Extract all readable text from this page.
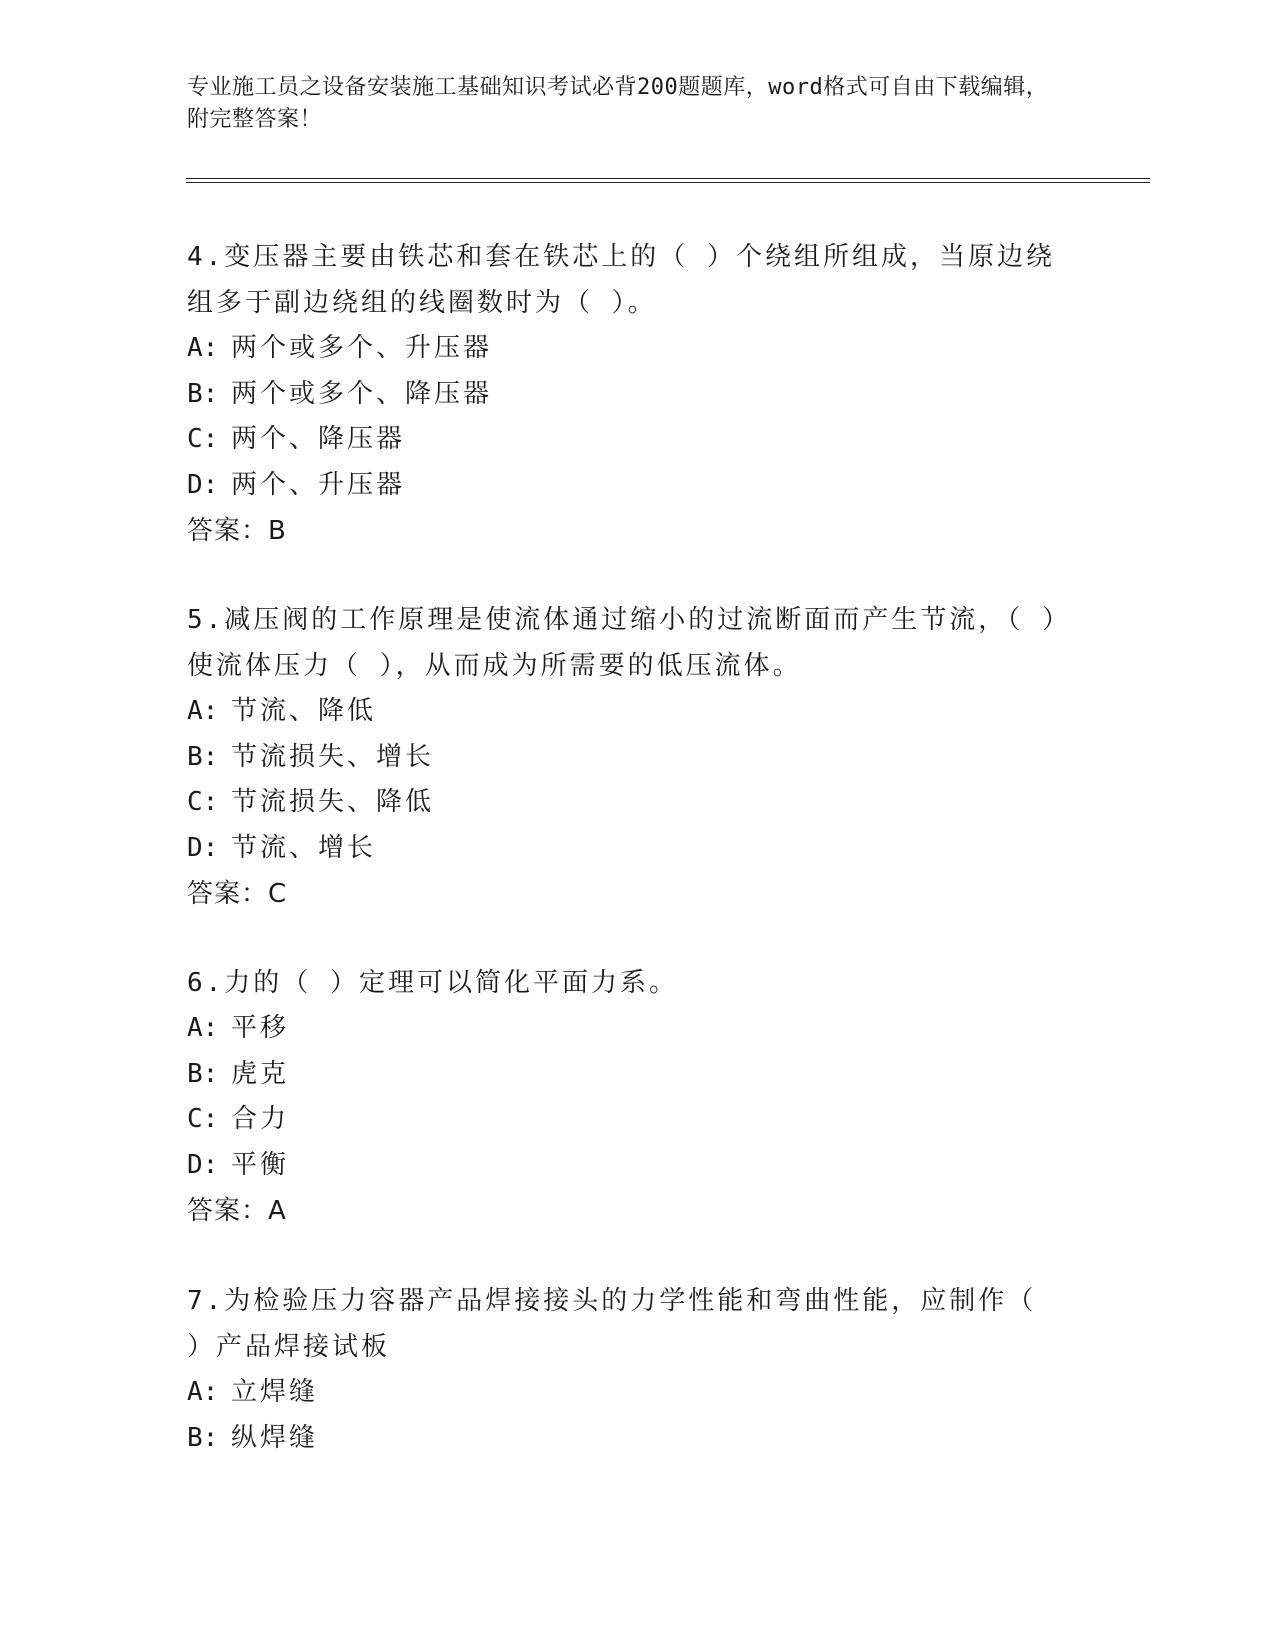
专业施工员之设备安装施工基础知识考试必背200题题库，word格式可自由下载编辑，附完整答案！

4.变压器主要由铁芯和套在铁芯上的（ ）个绕组所组成，当原边绕组多于副边绕组的线圈数时为（ ）。

A: 两个或多个、升压器

B: 两个或多个、降压器

C: 两个、降压器

D: 两个、升压器

答案：B

5.减压阀的工作原理是使流体通过缩小的过流断面而产生节流，（ ）使流体压力（ ），从而成为所需要的低压流体。

A: 节流、降低

B: 节流损失、增长

C: 节流损失、降低

D: 节流、增长

答案：C

6.力的（ ）定理可以简化平面力系。

A: 平移

B: 虎克

C: 合力

D: 平衡

答案：A

7.为检验压力容器产品焊接接头的力学性能和弯曲性能，应制作（ ）产品焊接试板

A: 立焊缝

B: 纵焊缝
